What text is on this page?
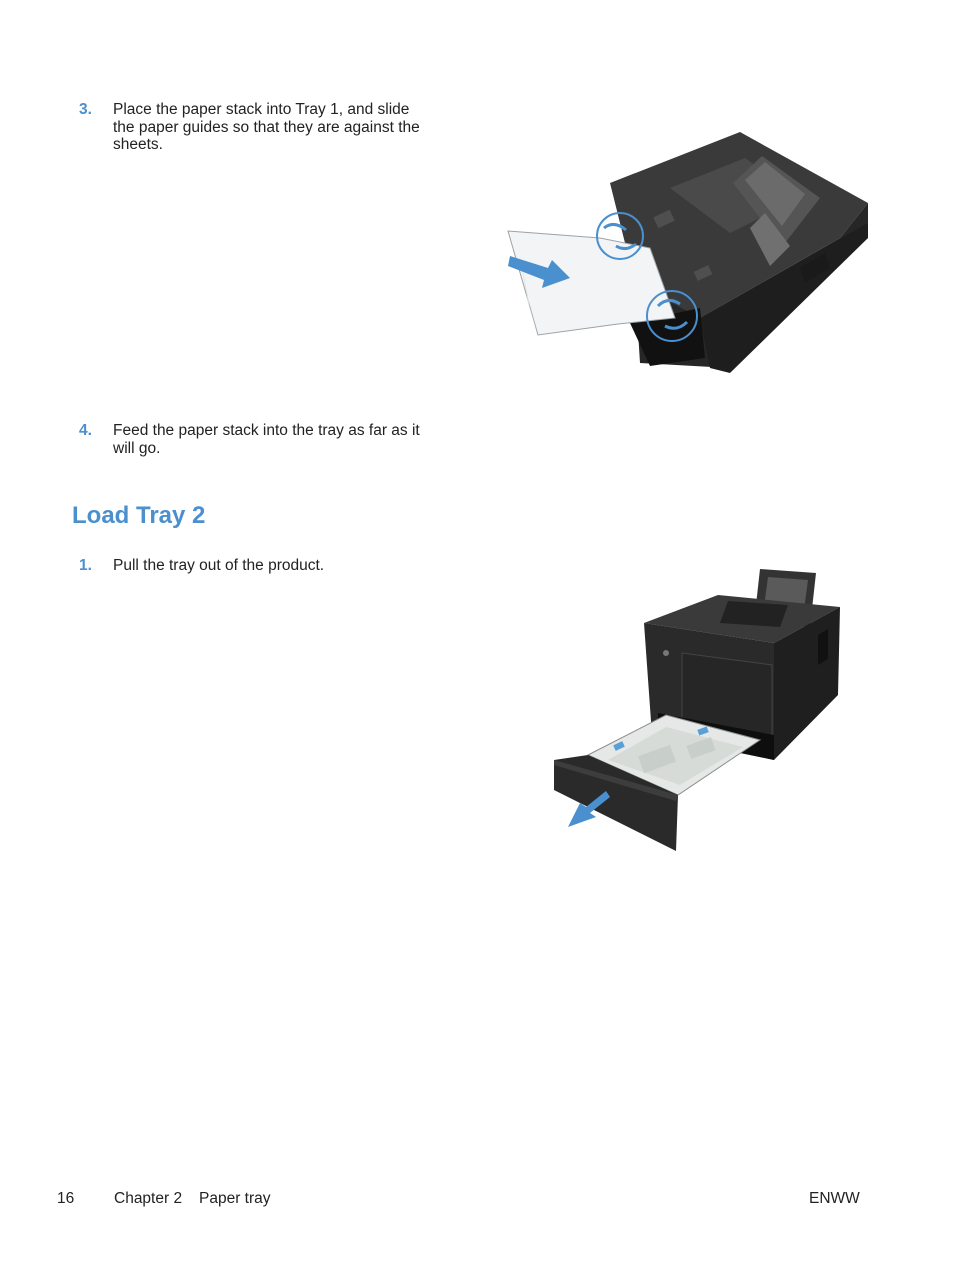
3. Place the paper stack into Tray 1, and slide the paper guides so that they are against the sheets.
4. Feed the paper stack into the tray as far as it will go.
Load Tray 2
1. Pull the tray out of the product.
16	Chapter 2 Paper tray	ENWW
